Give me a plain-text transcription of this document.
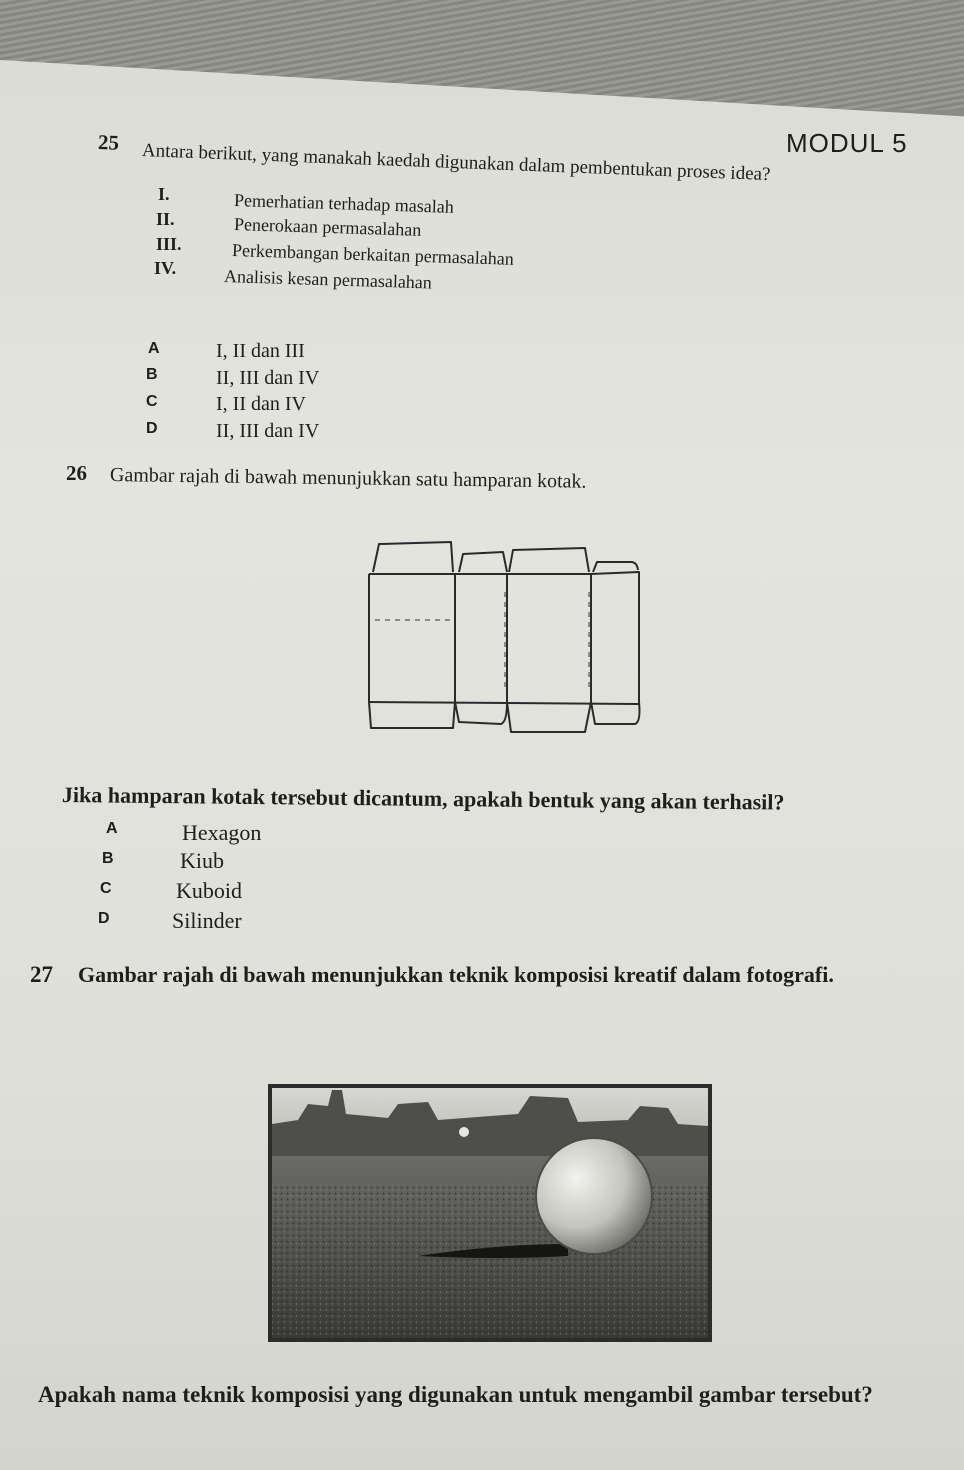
MODUL 5
25 Antara berikut, yang manakah kaedah digunakan dalam pembentukan proses idea?
I.	Pemerhatian terhadap masalah
II.	Penerokaan permasalahan
III.	Perkembangan berkaitan permasalahan
IV.	Analisis kesan permasalahan
A	I, II dan III
B	II, III dan IV
C	I, II dan IV
D	II, III dan IV
26 Gambar rajah di bawah menunjukkan satu hamparan kotak.
Jika hamparan kotak tersebut dicantum, apakah bentuk yang akan terhasil?
A	Hexagon
B	Kiub
C	Kuboid
D	Silinder
27 Gambar rajah di bawah menunjukkan teknik komposisi kreatif dalam fotografi.
Apakah nama teknik komposisi yang digunakan untuk mengambil gambar tersebut?
